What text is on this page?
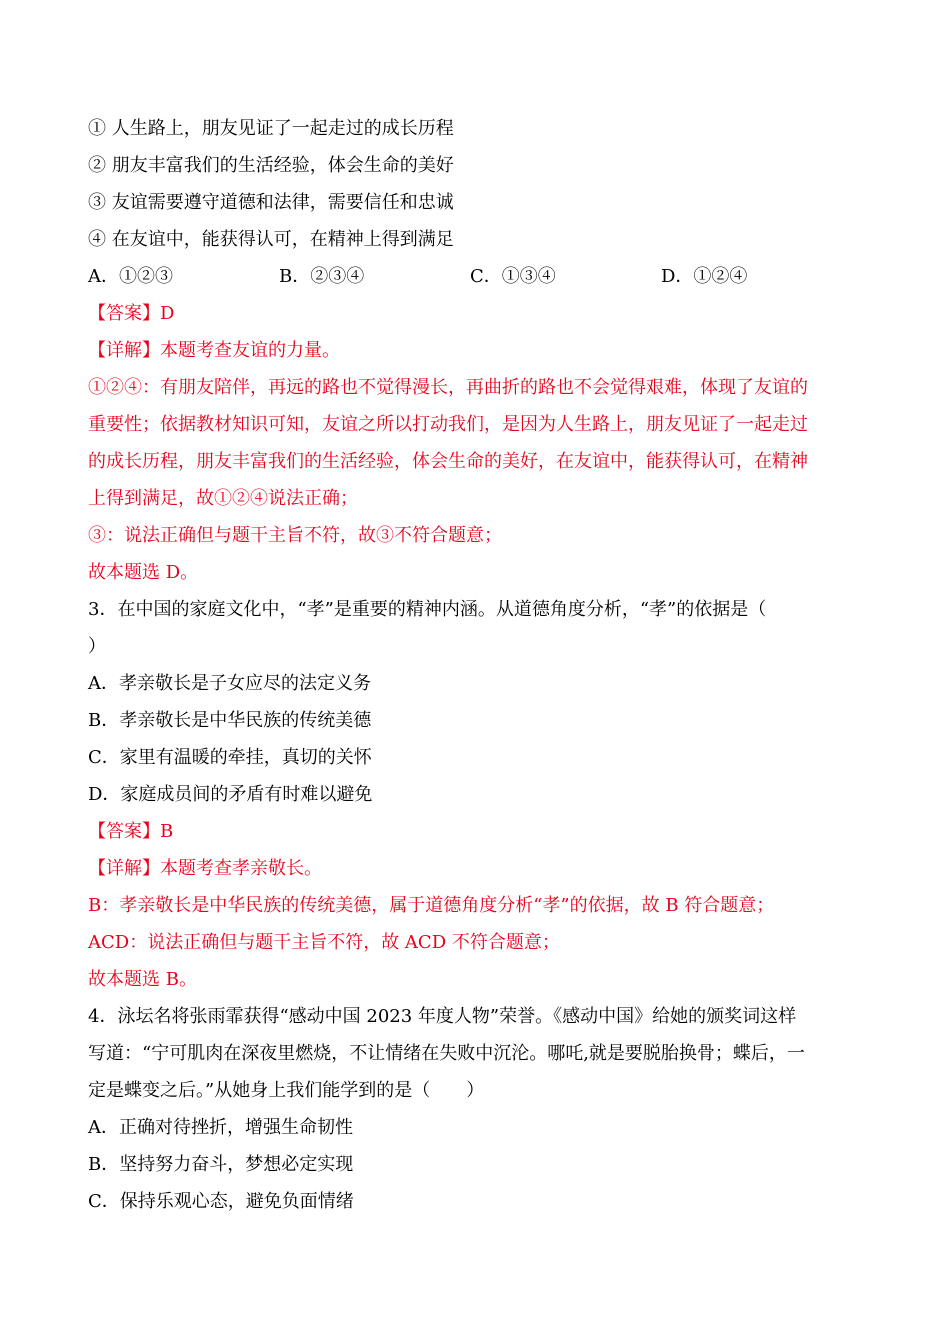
① 人生路上，朋友见证了一起走过的成长历程
② 朋友丰富我们的生活经验，体会生命的美好
③ 友谊需要遵守道德和法律，需要信任和忠诚
④ 在友谊中，能获得认可，在精神上得到满足
A．①②③	B．②③④	C．①③④	D．①②④
【答案】D
【详解】本题考查友谊的力量。
①②④：有朋友陪伴，再远的路也不觉得漫长，再曲折的路也不会觉得艰难，体现了友谊的
重要性；依据教材知识可知，友谊之所以打动我们，是因为人生路上，朋友见证了一起走过
的成长历程，朋友丰富我们的生活经验，体会生命的美好，在友谊中，能获得认可，在精神
上得到满足，故①②④说法正确；
③：说法正确但与题干主旨不符，故③不符合题意；
故本题选 D。
3．在中国的家庭文化中，“孝”是重要的精神内涵。从道德角度分析，“孝”的依据是（
）
A．孝亲敬长是子女应尽的法定义务
B．孝亲敬长是中华民族的传统美德
C．家里有温暖的牵挂，真切的关怀
D．家庭成员间的矛盾有时难以避免
【答案】B
【详解】本题考查孝亲敬长。
B：孝亲敬长是中华民族的传统美德，属于道德角度分析“孝”的依据，故 B 符合题意；
ACD：说法正确但与题干主旨不符，故 ACD 不符合题意；
故本题选 B。
4．泳坛名将张雨霏获得“感动中国 2023 年度人物”荣誉。《感动中国》给她的颁奖词这样
写道：“宁可肌肉在深夜里燃烧，不让情绪在失败中沉沦。哪吒,就是要脱胎换骨；蝶后，一
定是蝶变之后。”从她身上我们能学到的是（　　）
A．正确对待挫折，增强生命韧性
B．坚持努力奋斗，梦想必定实现
C．保持乐观心态，避免负面情绪
